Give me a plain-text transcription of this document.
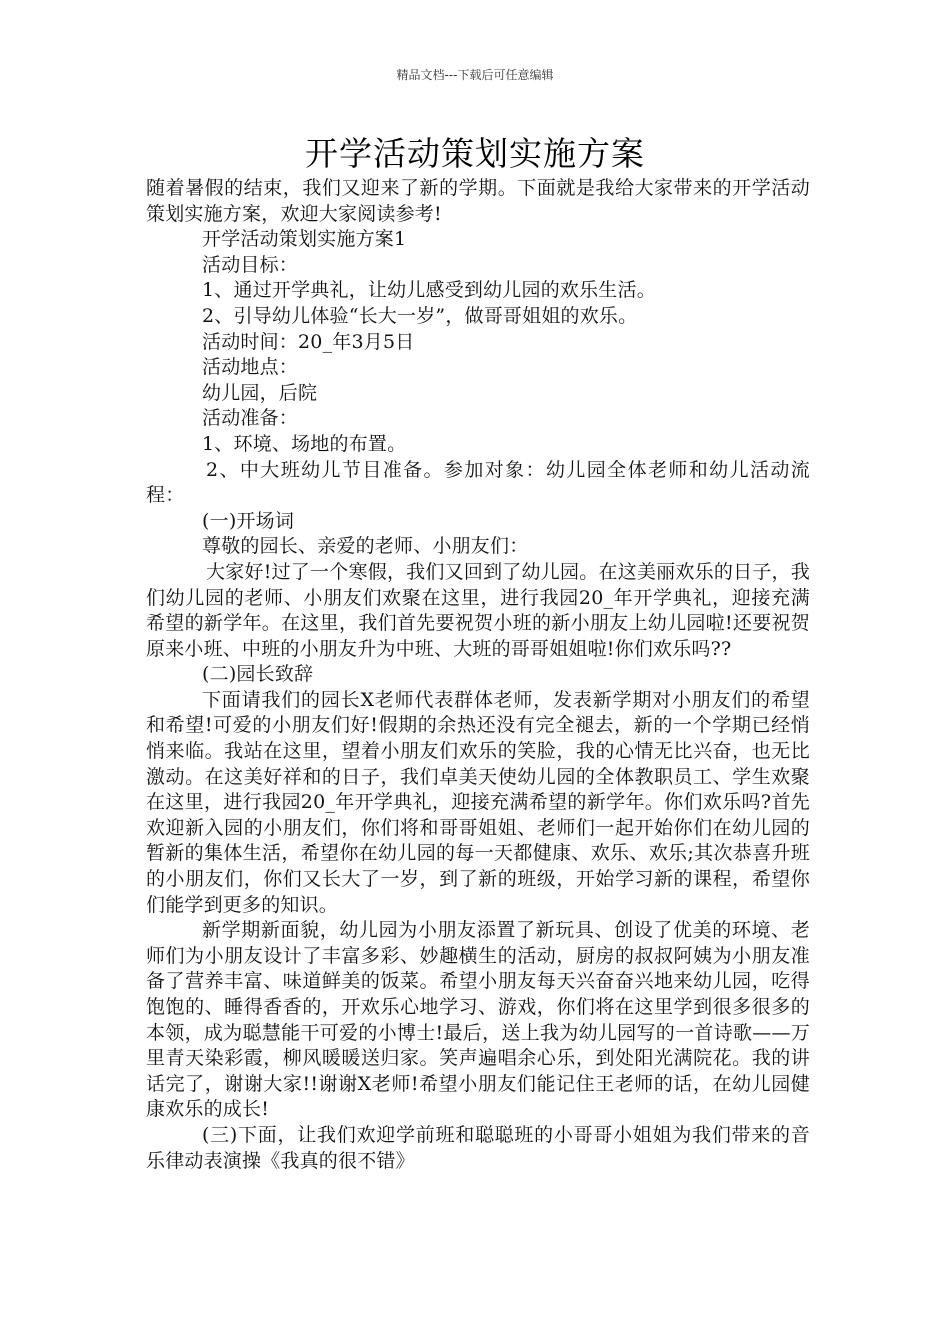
精品文档---下载后可任意编辑
开学活动策划实施方案

随着暑假的结束，我们又迎来了新的学期。下面就是我给大家带来的开学活动策划实施方案，欢迎大家阅读参考!

开学活动策划实施方案1

活动目标：

1、通过开学典礼，让幼儿感受到幼儿园的欢乐生活。

2、引导幼儿体验“长大一岁”，做哥哥姐姐的欢乐。

活动时间：20_年3月5日

活动地点：

幼儿园，后院

活动准备：

1、环境、场地的布置。

2、中大班幼儿节目准备。参加对象：幼儿园全体老师和幼儿活动流程：

(一)开场词

尊敬的园长、亲爱的老师、小朋友们：

大家好!过了一个寒假，我们又回到了幼儿园。在这美丽欢乐的日子，我们幼儿园的老师、小朋友们欢聚在这里，进行我园20_年开学典礼，迎接充满希望的新学年。在这里，我们首先要祝贺小班的新小朋友上幼儿园啦!还要祝贺原来小班、中班的小朋友升为中班、大班的哥哥姐姐啦!你们欢乐吗??

(二)园长致辞

下面请我们的园长X老师代表群体老师，发表新学期对小朋友们的希望和希望!可爱的小朋友们好!假期的余热还没有完全褪去，新的一个学期已经悄悄来临。我站在这里，望着小朋友们欢乐的笑脸，我的心情无比兴奋，也无比激动。在这美好祥和的日子，我们卓美天使幼儿园的全体教职员工、学生欢聚在这里，进行我园20_年开学典礼，迎接充满希望的新学年。你们欢乐吗?首先欢迎新入园的小朋友们，你们将和哥哥姐姐、老师们一起开始你们在幼儿园的暂新的集体生活，希望你在幼儿园的每一天都健康、欢乐、欢乐;其次恭喜升班的小朋友们，你们又长大了一岁，到了新的班级，开始学习新的课程，希望你们能学到更多的知识。

新学期新面貌，幼儿园为小朋友添置了新玩具、创设了优美的环境、老师们为小朋友设计了丰富多彩、妙趣横生的活动，厨房的叔叔阿姨为小朋友准备了营养丰富、味道鲜美的饭菜。希望小朋友每天兴奋奋兴地来幼儿园，吃得饱饱的、睡得香香的，开欢乐心地学习、游戏，你们将在这里学到很多很多的本领，成为聪慧能干可爱的小博士!最后，送上我为幼儿园写的一首诗歌——万里青天染彩霞，柳风暖暖送归家。笑声遍唱余心乐，到处阳光满院花。我的讲话完了，谢谢大家!!谢谢X老师!希望小朋友们能记住王老师的话，在幼儿园健康欢乐的成长!

(三)下面，让我们欢迎学前班和聪聪班的小哥哥小姐姐为我们带来的音乐律动表演操《我真的很不错》
